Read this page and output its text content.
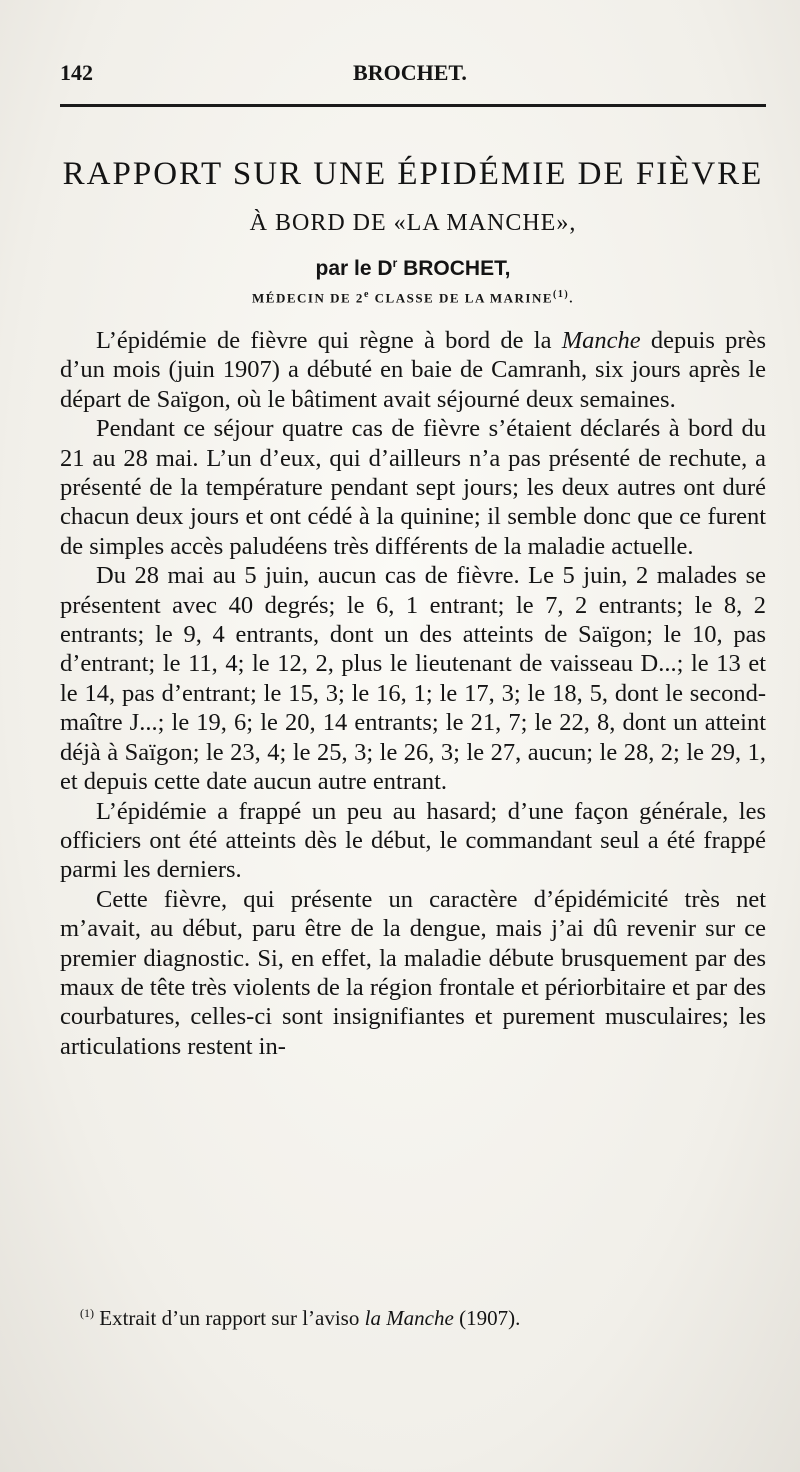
142	BROCHET.
RAPPORT SUR UNE ÉPIDÉMIE DE FIÈVRE
À BORD DE «LA MANCHE»,
par le $D^r$ BROCHET,
MÉDECIN DE 2e CLASSE DE LA MARINE$^{(1)}$.

L’épidémie de fièvre qui règne à bord de la Manche depuis près d’un mois (juin 1907) a débuté en baie de Camranh, six jours après le départ de Saïgon, où le bâtiment avait séjourné deux semaines.

Pendant ce séjour quatre cas de fièvre s’étaient déclarés à bord du 21 au 28 mai. L’un d’eux, qui d’ailleurs n’a pas présenté de rechute, a présenté de la température pendant sept jours; les deux autres ont duré chacun deux jours et ont cédé à la quinine; il semble donc que ce furent de simples accès paludéens très différents de la maladie actuelle.

Du 28 mai au 5 juin, aucun cas de fièvre. Le 5 juin, 2 malades se présentent avec 40 degrés; le 6, 1 entrant; le 7, 2 entrants; le 8, 2 entrants; le 9, 4 entrants, dont un des atteints de Saïgon; le 10, pas d’entrant; le 11, 4; le 12, 2, plus le lieutenant de vaisseau D...; le 13 et le 14, pas d’entrant; le 15, 3; le 16, 1; le 17, 3; le 18, 5, dont le second-maître J...; le 19, 6; le 20, 14 entrants; le 21, 7; le 22, 8, dont un atteint déjà à Saïgon; le 23, 4; le 25, 3; le 26, 3; le 27, aucun; le 28, 2; le 29, 1, et depuis cette date aucun autre entrant.

L’épidémie a frappé un peu au hasard; d’une façon générale, les officiers ont été atteints dès le début, le commandant seul a été frappé parmi les derniers.

Cette fièvre, qui présente un caractère d’épidémicité très net m’avait, au début, paru être de la dengue, mais j’ai dû revenir sur ce premier diagnostic. Si, en effet, la maladie débute brusquement par des maux de tête très violents de la région frontale et périorbitaire et par des courbatures, celles-ci sont insignifiantes et purement musculaires; les articulations restent in-

$^{(1)}$ Extrait d’un rapport sur l’aviso la Manche (1907).
